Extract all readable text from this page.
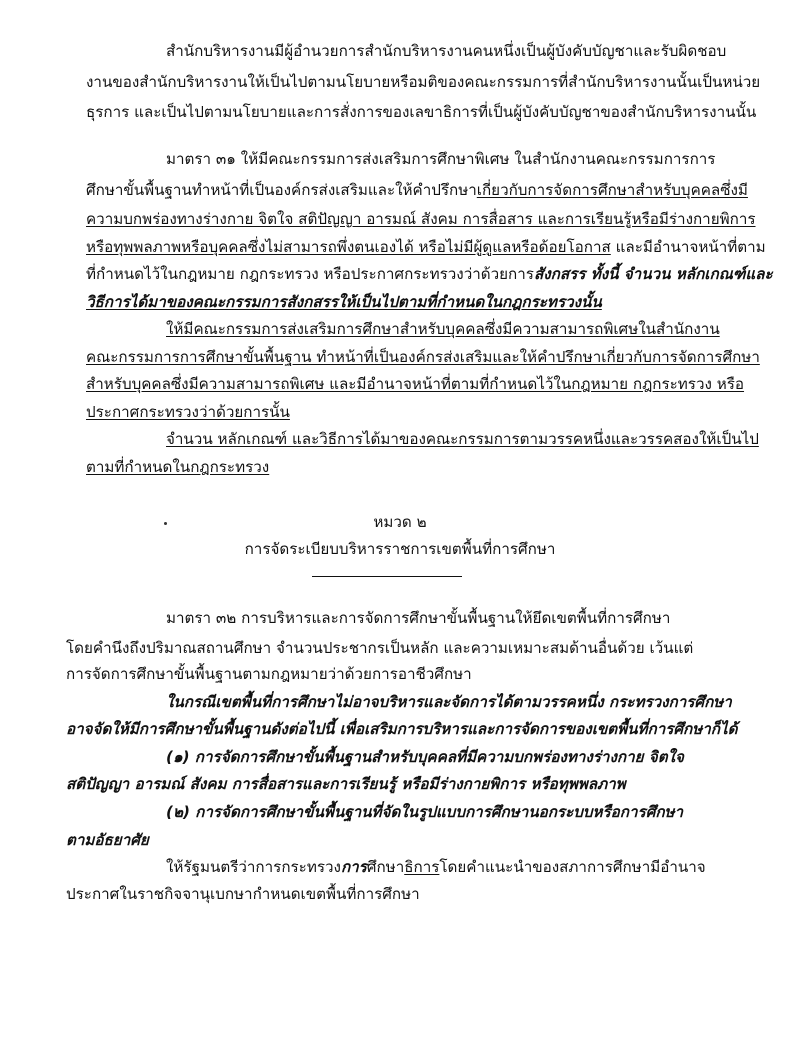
สำนักบริหารงานมีผู้อำนวยการสำนักบริหารงานคนหนึ่งเป็นผู้บังคับบัญชาและรับผิดชอบ
งานของสำนักบริหารงานให้เป็นไปตามนโยบายหรือมติของคณะกรรมการที่สำนักบริหารงานนั้นเป็นหน่วย
ธุรการ และเป็นไปตามนโยบายและการสั่งการของเลขาธิการที่เป็นผู้บังคับบัญชาของสำนักบริหารงานนั้น
มาตรา ๓๑ ให้มีคณะกรรมการส่งเสริมการศึกษาพิเศษ ในสำนักงานคณะกรรมการการ
ศึกษาขั้นพื้นฐานทำหน้าที่เป็นองค์กรส่งเสริมและให้คำปรึกษาเกี่ยวกับการจัดการศึกษาสำหรับบุคคลซึ่งมี
ความบกพร่องทางร่างกาย จิตใจ สติปัญญา อารมณ์ สังคม การสื่อสาร และการเรียนรู้หรือมีร่างกายพิการ
หรือทุพพลภาพหรือบุคคลซึ่งไม่สามารถพึ่งตนเองได้ หรือไม่มีผู้ดูแลหรือด้อยโอกาส และมีอำนาจหน้าที่ตาม
ที่กำหนดไว้ในกฎหมาย กฎกระทรวง หรือประกาศกระทรวงว่าด้วยการสังกสรร ทั้งนี้ จำนวน หลักเกณฑ์และ
วิธีการได้มาของคณะกรรมการสังกสรรให้เป็นไปตามที่กำหนดในกฎกระทรวงนั้น
ให้มีคณะกรรมการส่งเสริมการศึกษาสำหรับบุคคลซึ่งมีความสามารถพิเศษในสำนักงาน
คณะกรรมการการศึกษาขั้นพื้นฐาน ทำหน้าที่เป็นองค์กรส่งเสริมและให้คำปรึกษาเกี่ยวกับการจัดการศึกษา
สำหรับบุคคลซึ่งมีความสามารถพิเศษ และมีอำนาจหน้าที่ตามที่กำหนดไว้ในกฎหมาย กฎกระทรวง หรือ
ประกาศกระทรวงว่าด้วยการนั้น
จำนวน หลักเกณฑ์ และวิธีการได้มาของคณะกรรมการตามวรรคหนึ่งและวรรคสองให้เป็นไป
ตามที่กำหนดในกฎกระทรวง
หมวด ๒
การจัดระเบียบบริหารราชการเขตพื้นที่การศึกษา
มาตรา ๓๒ การบริหารและการจัดการศึกษาขั้นพื้นฐานให้ยึดเขตพื้นที่การศึกษา
โดยคำนึงถึงปริมาณสถานศึกษา จำนวนประชากรเป็นหลัก และความเหมาะสมด้านอื่นด้วย เว้นแต่
การจัดการศึกษาขั้นพื้นฐานตามกฎหมายว่าด้วยการอาชีวศึกษา
ในกรณีเขตพื้นที่การศึกษาไม่อาจบริหารและจัดการได้ตามวรรคหนึ่ง กระทรวงการศึกษา
อาจจัดให้มีการศึกษาขั้นพื้นฐานดังต่อไปนี้ เพื่อเสริมการบริหารและการจัดการของเขตพื้นที่การศึกษาก็ได้
(๑) การจัดการศึกษาขั้นพื้นฐานสำหรับบุคคลที่มีความบกพร่องทางร่างกาย จิตใจ
สติปัญญา อารมณ์ สังคม การสื่อสารและการเรียนรู้ หรือมีร่างกายพิการ หรือทุพพลภาพ
(๒) การจัดการศึกษาขั้นพื้นฐานที่จัดในรูปแบบการศึกษานอกระบบหรือการศึกษา
ตามอัธยาศัย
ให้รัฐมนตรีว่าการกระทรวงการศึกษาธิการโดยคำแนะนำของสภาการศึกษามีอำนาจ
ประกาศในราชกิจจานุเบกษากำหนดเขตพื้นที่การศึกษา
